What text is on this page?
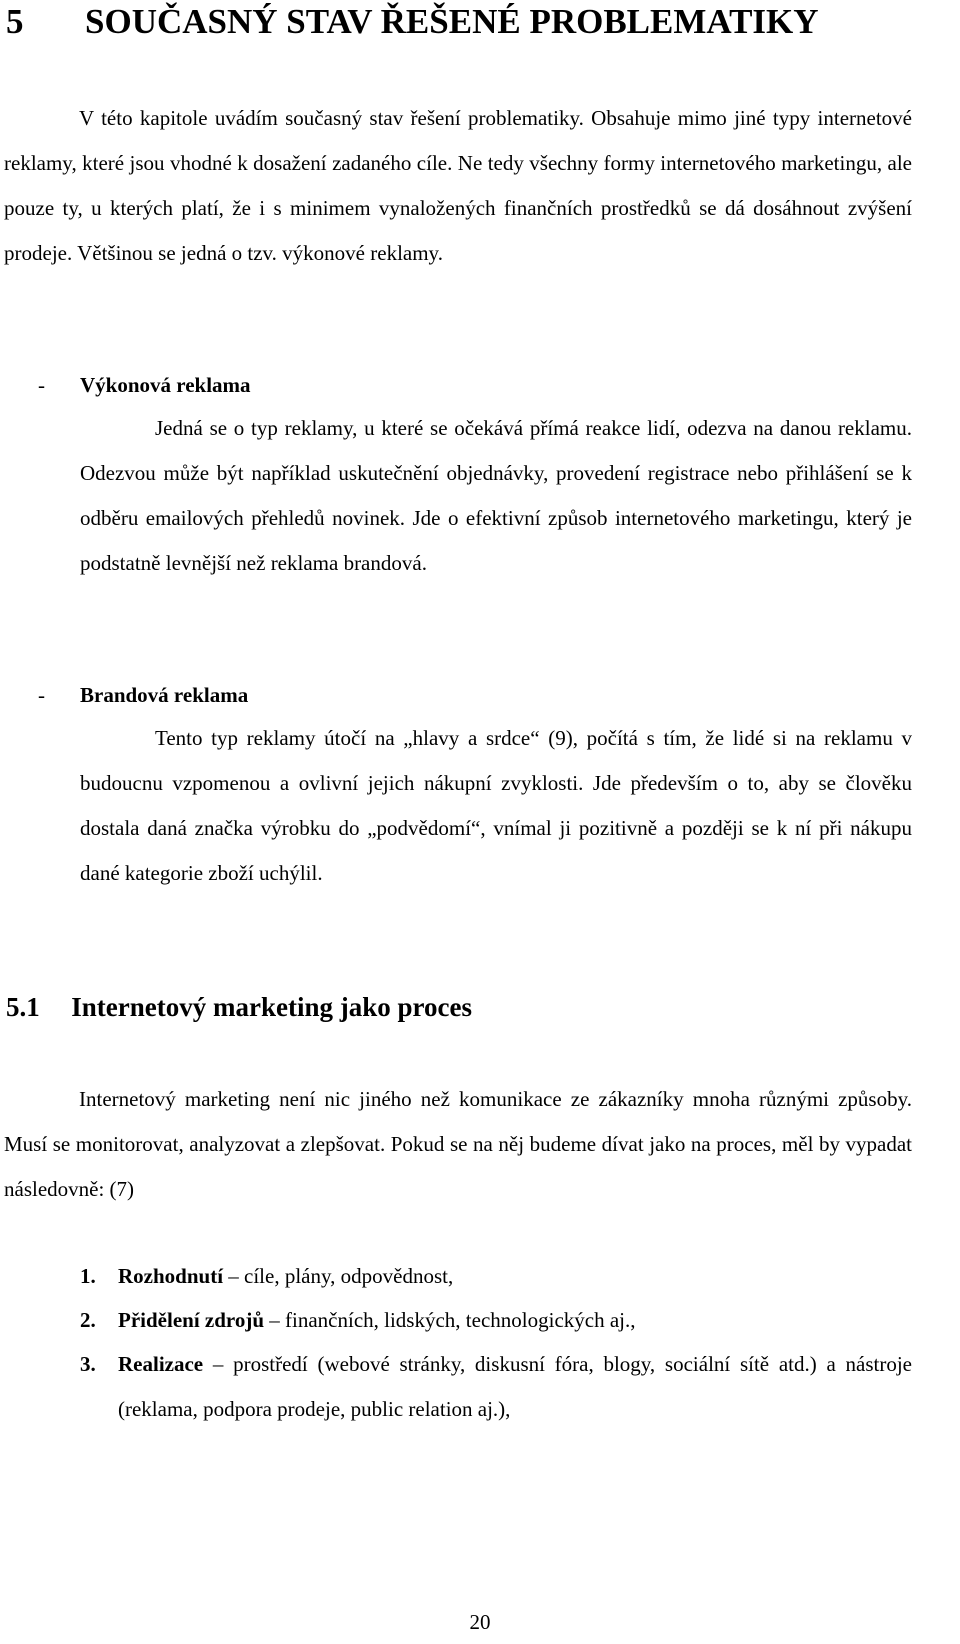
5 SOUČASNÝ STAV ŘEŠENÉ PROBLEMATIKY
V této kapitole uvádím současný stav řešení problematiky. Obsahuje mimo jiné typy internetové reklamy, které jsou vhodné k dosažení zadaného cíle. Ne tedy všechny formy internetového marketingu, ale pouze ty, u kterých platí, že i s minimem vynaložených finančních prostředků se dá dosáhnout zvýšení prodeje. Většinou se jedná o tzv. výkonové reklamy.
- Výkonová reklama
Jedná se o typ reklamy, u které se očekává přímá reakce lidí, odezva na danou reklamu. Odezvou může být například uskutečnění objednávky, provedení registrace nebo přihlášení se k odběru emailových přehledů novinek. Jde o efektivní způsob internetového marketingu, který je podstatně levnější než reklama brandová.
- Brandová reklama
Tento typ reklamy útočí na „hlavy a srdce“ (9), počítá s tím, že lidé si na reklamu v budoucnu vzpomenou a ovlivní jejich nákupní zvyklosti. Jde především o to, aby se člověku dostala daná značka výrobku do „podvědomí“, vnímal ji pozitivně a později se k ní při nákupu dané kategorie zboží uchýlil.
5.1 Internetový marketing jako proces
Internetový marketing není nic jiného než komunikace ze zákazníky mnoha různými způsoby. Musí se monitorovat, analyzovat a zlepšovat. Pokud se na něj budeme dívat jako na proces, měl by vypadat následovně: (7)
1. Rozhodnutí – cíle, plány, odpovědnost,
2. Přidělení zdrojů – finančních, lidských, technologických aj.,
3. Realizace – prostředí (webové stránky, diskusní fóra, blogy, sociální sítě atd.) a nástroje (reklama, podpora prodeje, public relation aj.),
20
